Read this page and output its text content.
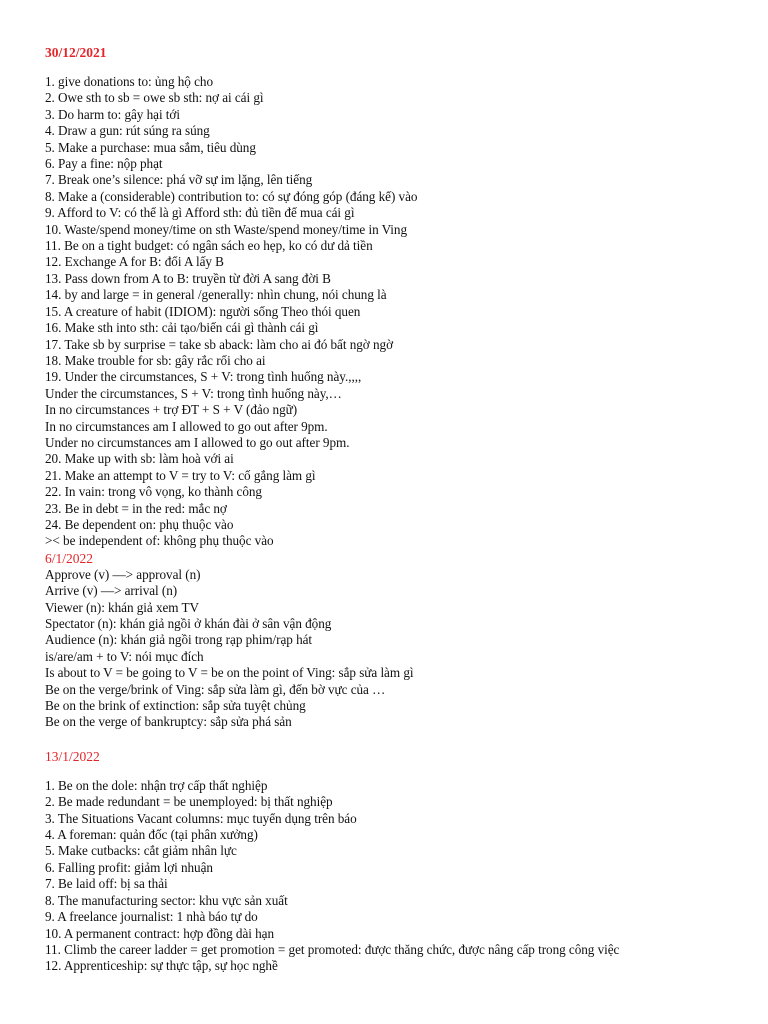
30/12/2021
1. give donations to: ủng hộ cho
2. Owe sth to sb = owe sb sth: nợ ai cái gì
3. Do harm to: gây hại tới
4. Draw a gun: rút súng ra súng
5. Make a purchase: mua sắm, tiêu dùng
6. Pay a fine: nộp phạt
7. Break one’s silence: phá vỡ sự im lặng, lên tiếng
8. Make a (considerable) contribution to: có sự đóng góp (đáng kể) vào
9. Afford to V: có thể là gì Afford sth: đủ tiền để mua cái gì
10. Waste/spend money/time on sth Waste/spend money/time in Ving
11. Be on a tight budget: có ngân sách eo hẹp, ko có dư dả tiền
12. Exchange A for B: đổi A lấy B
13. Pass down from A to B: truyền từ đời A sang đời B
14. by and large = in general /generally: nhìn chung, nói chung là
15. A creature of habit (IDIOM): người sống Theo thói quen
16. Make sth into sth: cải tạo/biến cái gì thành cái gì
17. Take sb by surprise = take sb aback: làm cho ai đó bất ngờ ngờ
18. Make trouble for sb: gây rắc rối cho ai
19. Under the circumstances, S + V: trong tình huống này.,,,,
Under the circumstances, S + V: trong tình huống này,…
In no circumstances + trợ ĐT + S + V (đảo ngữ)
In no circumstances am I allowed to go out after 9pm.
Under no circumstances am I allowed to go out after 9pm.
20. Make up with sb: làm hoà với ai
21. Make an attempt to V = try to V: cố gắng làm gì
22. In vain: trong vô vọng, ko thành công
23. Be in debt = in the red: mắc nợ
24. Be dependent on: phụ thuộc vào
>< be independent of: không phụ thuộc vào
6/1/2022
Approve (v) —> approval (n)
Arrive (v) —> arrival (n)
Viewer (n): khán giả xem TV
Spectator (n): khán giả ngồi ở khán đài ở sân vận động
Audience (n): khán giả ngồi trong rạp phim/rạp hát
is/are/am + to V: nói mục đích
Is about to V = be going to V = be on the point of Ving: sắp sửa làm gì
Be on the verge/brink of Ving: sắp sửa làm gì, đến bờ vực của …
Be on the brink of extinction: sắp sửa tuyệt chủng
Be on the verge of bankruptcy: sắp sửa phá sản
13/1/2022
1. Be on the dole: nhận trợ cấp thất nghiệp
2. Be made redundant = be unemployed: bị thất nghiệp
3. The Situations Vacant columns: mục tuyển dụng trên báo
4. A foreman: quản đốc (tại phân xưởng)
5. Make cutbacks: cắt giảm nhân lực
6. Falling profit: giảm lợi nhuận
7. Be laid off: bị sa thải
8. The manufacturing sector: khu vực sản xuất
9. A freelance journalist: 1 nhà báo tự do
10. A permanent contract: hợp đồng dài hạn
11. Climb the career ladder = get promotion = get promoted: được thăng chức, được nâng cấp trong công việc
12. Apprenticeship: sự thực tập, sự học nghề
